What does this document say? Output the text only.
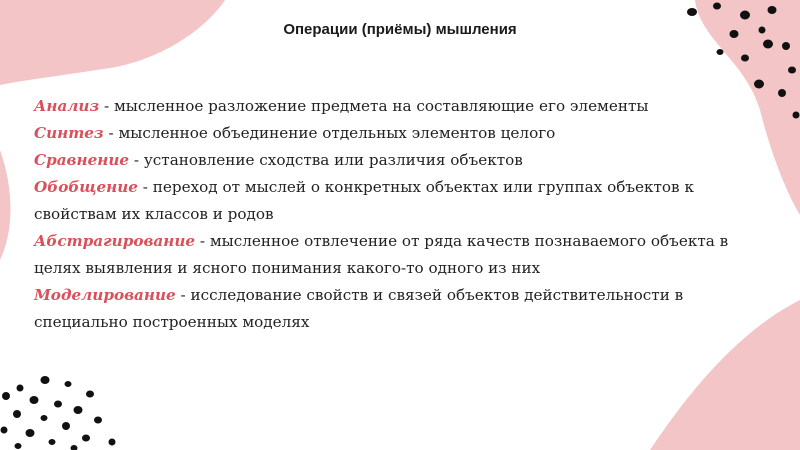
Операции (приёмы) мышления

Анализ - мысленное разложение предмета на составляющие его элементы

Синтез - мысленное объединение отдельных элементов целого

Сравнение - установление сходства или различия объектов

Обобщение - переход от мыслей о конкретных объектах или группах объектов к свойствам их классов и родов

Абстрагирование - мысленное отвлечение от ряда качеств познаваемого объекта в целях выявления и ясного понимания какого-то одного из них

Моделирование - исследование свойств и связей объектов действительности в специально построенных моделях
